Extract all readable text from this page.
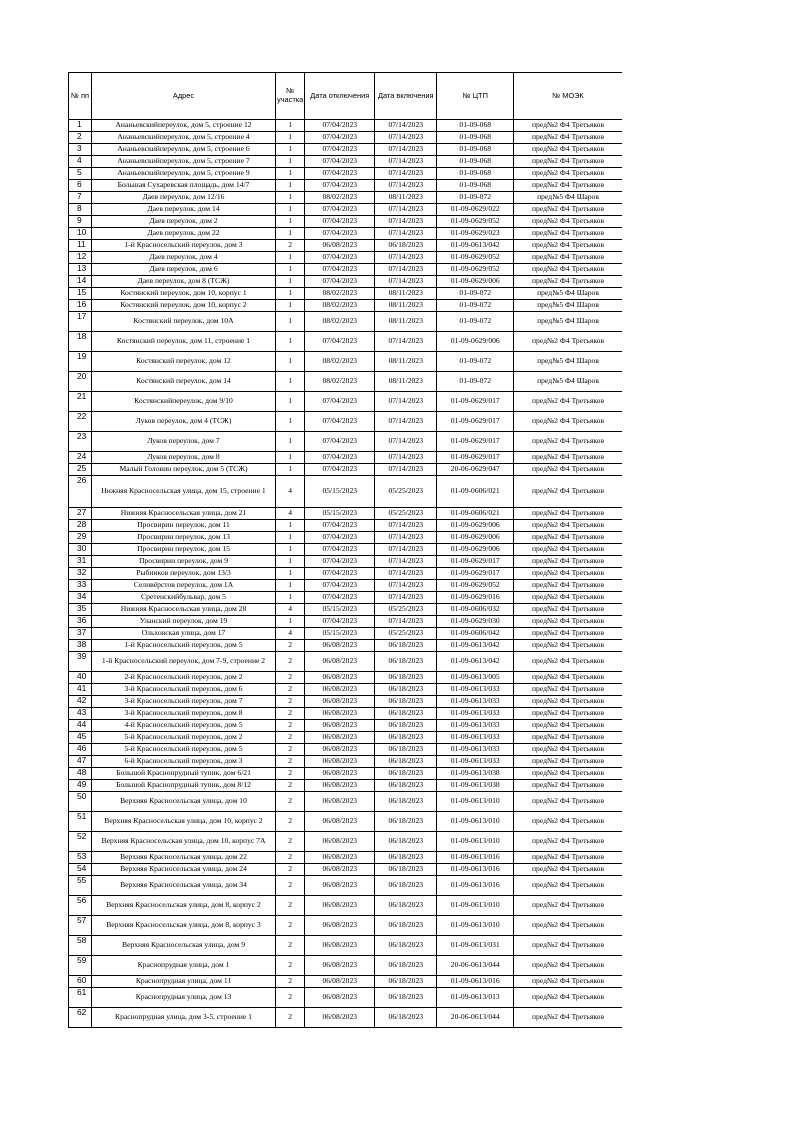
№ пп	Адрес	№ участка	Дата отключения	Дата включения	№ ЦТП	№ МОЭК
1	Ананьевскийпереулок, дом 5, строение 12	1	07/04/2023	07/14/2023	01-09-068	пред№2 Ф4 Третьяков
2	Ананьевскийпереулок, дом 5, строение 4	1	07/04/2023	07/14/2023	01-09-068	пред№2 Ф4 Третьяков
3	Ананьевскийпереулок, дом 5, строение 6	1	07/04/2023	07/14/2023	01-09-068	пред№2 Ф4 Третьяков
4	Ананьевскийпереулок, дом 5, строение 7	1	07/04/2023	07/14/2023	01-09-068	пред№2 Ф4 Третьяков
5	Ананьевскийпереулок, дом 5, строение 9	1	07/04/2023	07/14/2023	01-09-068	пред№2 Ф4 Третьяков
6	Большая Сухаревская площадь, дом 14/7	1	07/04/2023	07/14/2023	01-09-068	пред№2 Ф4 Третьяков
7	Даев переулок, дом 12/16	1	08/02/2023	08/11/2023	01-09-072	пред№5 Ф4 Шаров
8	Даев переулок, дом 14	1	07/04/2023	07/14/2023	01-09-0629/022	пред№2 Ф4 Третьяков
9	Даев переулок, дом 2	1	07/04/2023	07/14/2023	01-09-0629/052	пред№2 Ф4 Третьяков
10	Даев переулок, дом 22	1	07/04/2023	07/14/2023	01-09-0629/023	пред№2 Ф4 Третьяков
11	1-й Красносельский переулок, дом 3	2	06/08/2023	06/18/2023	01-09-0613/042	пред№2 Ф4 Третьяков
12	Даев переулок, дом 4	1	07/04/2023	07/14/2023	01-09-0629/052	пред№2 Ф4 Третьяков
13	Даев переулок, дом 6	1	07/04/2023	07/14/2023	01-09-0629/052	пред№2 Ф4 Третьяков
14	Даев переулок, дом 8 (ТСЖ)	1	07/04/2023	07/14/2023	01-09-0629/006	пред№2 Ф4 Третьяков
15	Костянский переулок, дом 10, корпус 1	1	08/02/2023	08/11/2023	01-09-072	пред№5 Ф4 Шаров
16	Костянский переулок, дом 10, корпус 2	1	08/02/2023	08/11/2023	01-09-072	пред№5 Ф4 Шаров
17	Костянский переулок, дом 10А	1	08/02/2023	08/11/2023	01-09-072	пред№5 Ф4 Шаров
18	Костянский переулок, дом 11, строение 1	1	07/04/2023	07/14/2023	01-09-0629/006	пред№2 Ф4 Третьяков
19	Костянский переулок, дом 12	1	08/02/2023	08/11/2023	01-09-072	пред№5 Ф4 Шаров
20	Костянский переулок, дом 14	1	08/02/2023	08/11/2023	01-09-072	пред№5 Ф4 Шаров
21	Костянскийпереулок, дом 9/10	1	07/04/2023	07/14/2023	01-09-0629/017	пред№2 Ф4 Третьяков
22	Луков переулок, дом 4 (ТСЖ)	1	07/04/2023	07/14/2023	01-09-0629/017	пред№2 Ф4 Третьяков
23	Луков переулок, дом 7	1	07/04/2023	07/14/2023	01-09-0629/017	пред№2 Ф4 Третьяков
24	Луков переулок, дом 8	1	07/04/2023	07/14/2023	01-09-0629/017	пред№2 Ф4 Третьяков
25	Малый Головин переулок, дом 5 (ТСЖ)	1	07/04/2023	07/14/2023	20-06-0629/047	пред№2 Ф4 Третьяков
26	Нижняя Красносельская улица, дом 15, строение 1	4	05/15/2023	05/25/2023	01-09-0606/021	пред№2 Ф4 Третьяков
27	Нижняя Красносельская улица, дом 21	4	05/15/2023	05/25/2023	01-09-0606/021	пред№2 Ф4 Третьяков
28	Просвирин переулок, дом 11	1	07/04/2023	07/14/2023	01-09-0629/006	пред№2 Ф4 Третьяков
29	Просвирин переулок, дом 13	1	07/04/2023	07/14/2023	01-09-0629/006	пред№2 Ф4 Третьяков
30	Просвирин переулок, дом 15	1	07/04/2023	07/14/2023	01-09-0629/006	пред№2 Ф4 Третьяков
31	Просвирин переулок, дом 9	1	07/04/2023	07/14/2023	01-09-0629/017	пред№2 Ф4 Третьяков
32	Рыбников переулок, дом 13/3	1	07/04/2023	07/14/2023	01-09-0629/017	пред№2 Ф4 Третьяков
33	Селивёрстов переулок, дом 1А	1	07/04/2023	07/14/2023	01-09-0629/052	пред№2 Ф4 Третьяков
34	Сретенскийбульвар, дом 5	1	07/04/2023	07/14/2023	01-09-0629/016	пред№2 Ф4 Третьяков
35	Нижняя Красносельская улица, дом 28	4	05/15/2023	05/25/2023	01-09-0606/032	пред№2 Ф4 Третьяков
36	Уланский переулок, дом 19	1	07/04/2023	07/14/2023	01-09-0629/030	пред№2 Ф4 Третьяков
37	Ольховская улица, дом 17	4	05/15/2023	05/25/2023	01-09-0606/042	пред№2 Ф4 Третьяков
38	1-й Красносельский переулок, дом 5	2	06/08/2023	06/18/2023	01-09-0613/042	пред№2 Ф4 Третьяков
39	1-й Красносельский переулок, дом 7-9, строение 2	2	06/08/2023	06/18/2023	01-09-0613/042	пред№2 Ф4 Третьяков
40	2-й Красносельский переулок, дом 2	2	06/08/2023	06/18/2023	01-09-0613/005	пред№2 Ф4 Третьяков
41	3-й Красносельский переулок, дом 6	2	06/08/2023	06/18/2023	01-09-0613/033	пред№2 Ф4 Третьяков
42	3-й Красносельский переулок, дом 7	2	06/08/2023	06/18/2023	01-09-0613/033	пред№2 Ф4 Третьяков
43	3-й Красносельский переулок, дом 8	2	06/08/2023	06/18/2023	01-09-0613/033	пред№2 Ф4 Третьяков
44	4-й Красносельский переулок, дом 5	2	06/08/2023	06/18/2023	01-09-0613/033	пред№2 Ф4 Третьяков
45	5-й Красносельский переулок, дом 2	2	06/08/2023	06/18/2023	01-09-0613/033	пред№2 Ф4 Третьяков
46	5-й Красносельский переулок, дом 5	2	06/08/2023	06/18/2023	01-09-0613/033	пред№2 Ф4 Третьяков
47	6-й Красносельский переулок, дом 3	2	06/08/2023	06/18/2023	01-09-0613/033	пред№2 Ф4 Третьяков
48	Большой Краснопрудный тупик, дом 6/21	2	06/08/2023	06/18/2023	01-09-0613/038	пред№2 Ф4 Третьяков
49	Большой Краснопрудный тупик, дом 8/12	2	06/08/2023	06/18/2023	01-09-0613/038	пред№2 Ф4 Третьяков
50	Верхняя Красносельская улица, дом 10	2	06/08/2023	06/18/2023	01-09-0613/010	пред№2 Ф4 Третьяков
51	Верхняя Красносельская улица, дом 10, корпус 2	2	06/08/2023	06/18/2023	01-09-0613/010	пред№2 Ф4 Третьяков
52	Верхняя Красносельская улица, дом 10, корпус 7А	2	06/08/2023	06/18/2023	01-09-0613/010	пред№2 Ф4 Третьяков
53	Верхняя Красносельская улица, дом 22	2	06/08/2023	06/18/2023	01-09-0613/016	пред№2 Ф4 Третьяков
54	Верхняя Красносельская улица, дом 24	2	06/08/2023	06/18/2023	01-09-0613/016	пред№2 Ф4 Третьяков
55	Верхняя Красносельская улица, дом 34	2	06/08/2023	06/18/2023	01-09-0613/016	пред№2 Ф4 Третьяков
56	Верхняя Красносельская улица, дом 8, корпус 2	2	06/08/2023	06/18/2023	01-09-0613/010	пред№2 Ф4 Третьяков
57	Верхняя Красносельская улица, дом 8, корпус 3	2	06/08/2023	06/18/2023	01-09-0613/010	пред№2 Ф4 Третьяков
58	Верхняя Красносельская улица, дом 9	2	06/08/2023	06/18/2023	01-09-0613/031	пред№2 Ф4 Третьяков
59	Краснопрудная улица, дом 1	2	06/08/2023	06/18/2023	20-06-0613/044	пред№2 Ф4 Третьяков
60	Краснопрудная улица, дом 11	2	06/08/2023	06/18/2023	01-09-0613/016	пред№2 Ф4 Третьяков
61	Краснопрудная улица, дом 13	2	06/08/2023	06/18/2023	01-09-0613/013	пред№2 Ф4 Третьяков
62	Краснопрудная улица, дом 3-5, строение 1	2	06/08/2023	06/18/2023	20-06-0613/044	пред№2 Ф4 Третьяков
